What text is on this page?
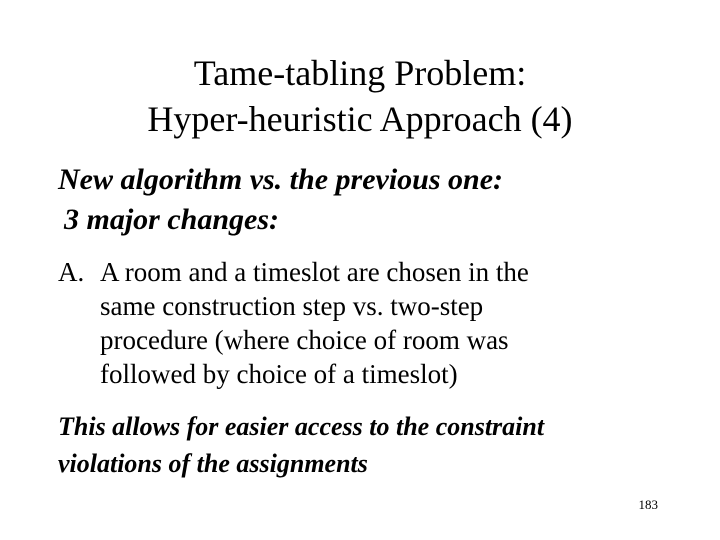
Tame-tabling Problem:
Hyper-heuristic Approach (4)
New algorithm vs. the previous one:
3 major changes:
A. A room and a timeslot are chosen in the
same construction step vs. two-step
procedure (where choice of room was
followed by choice of a timeslot)
This allows for easier access to the constraint
violations of the assignments
183
